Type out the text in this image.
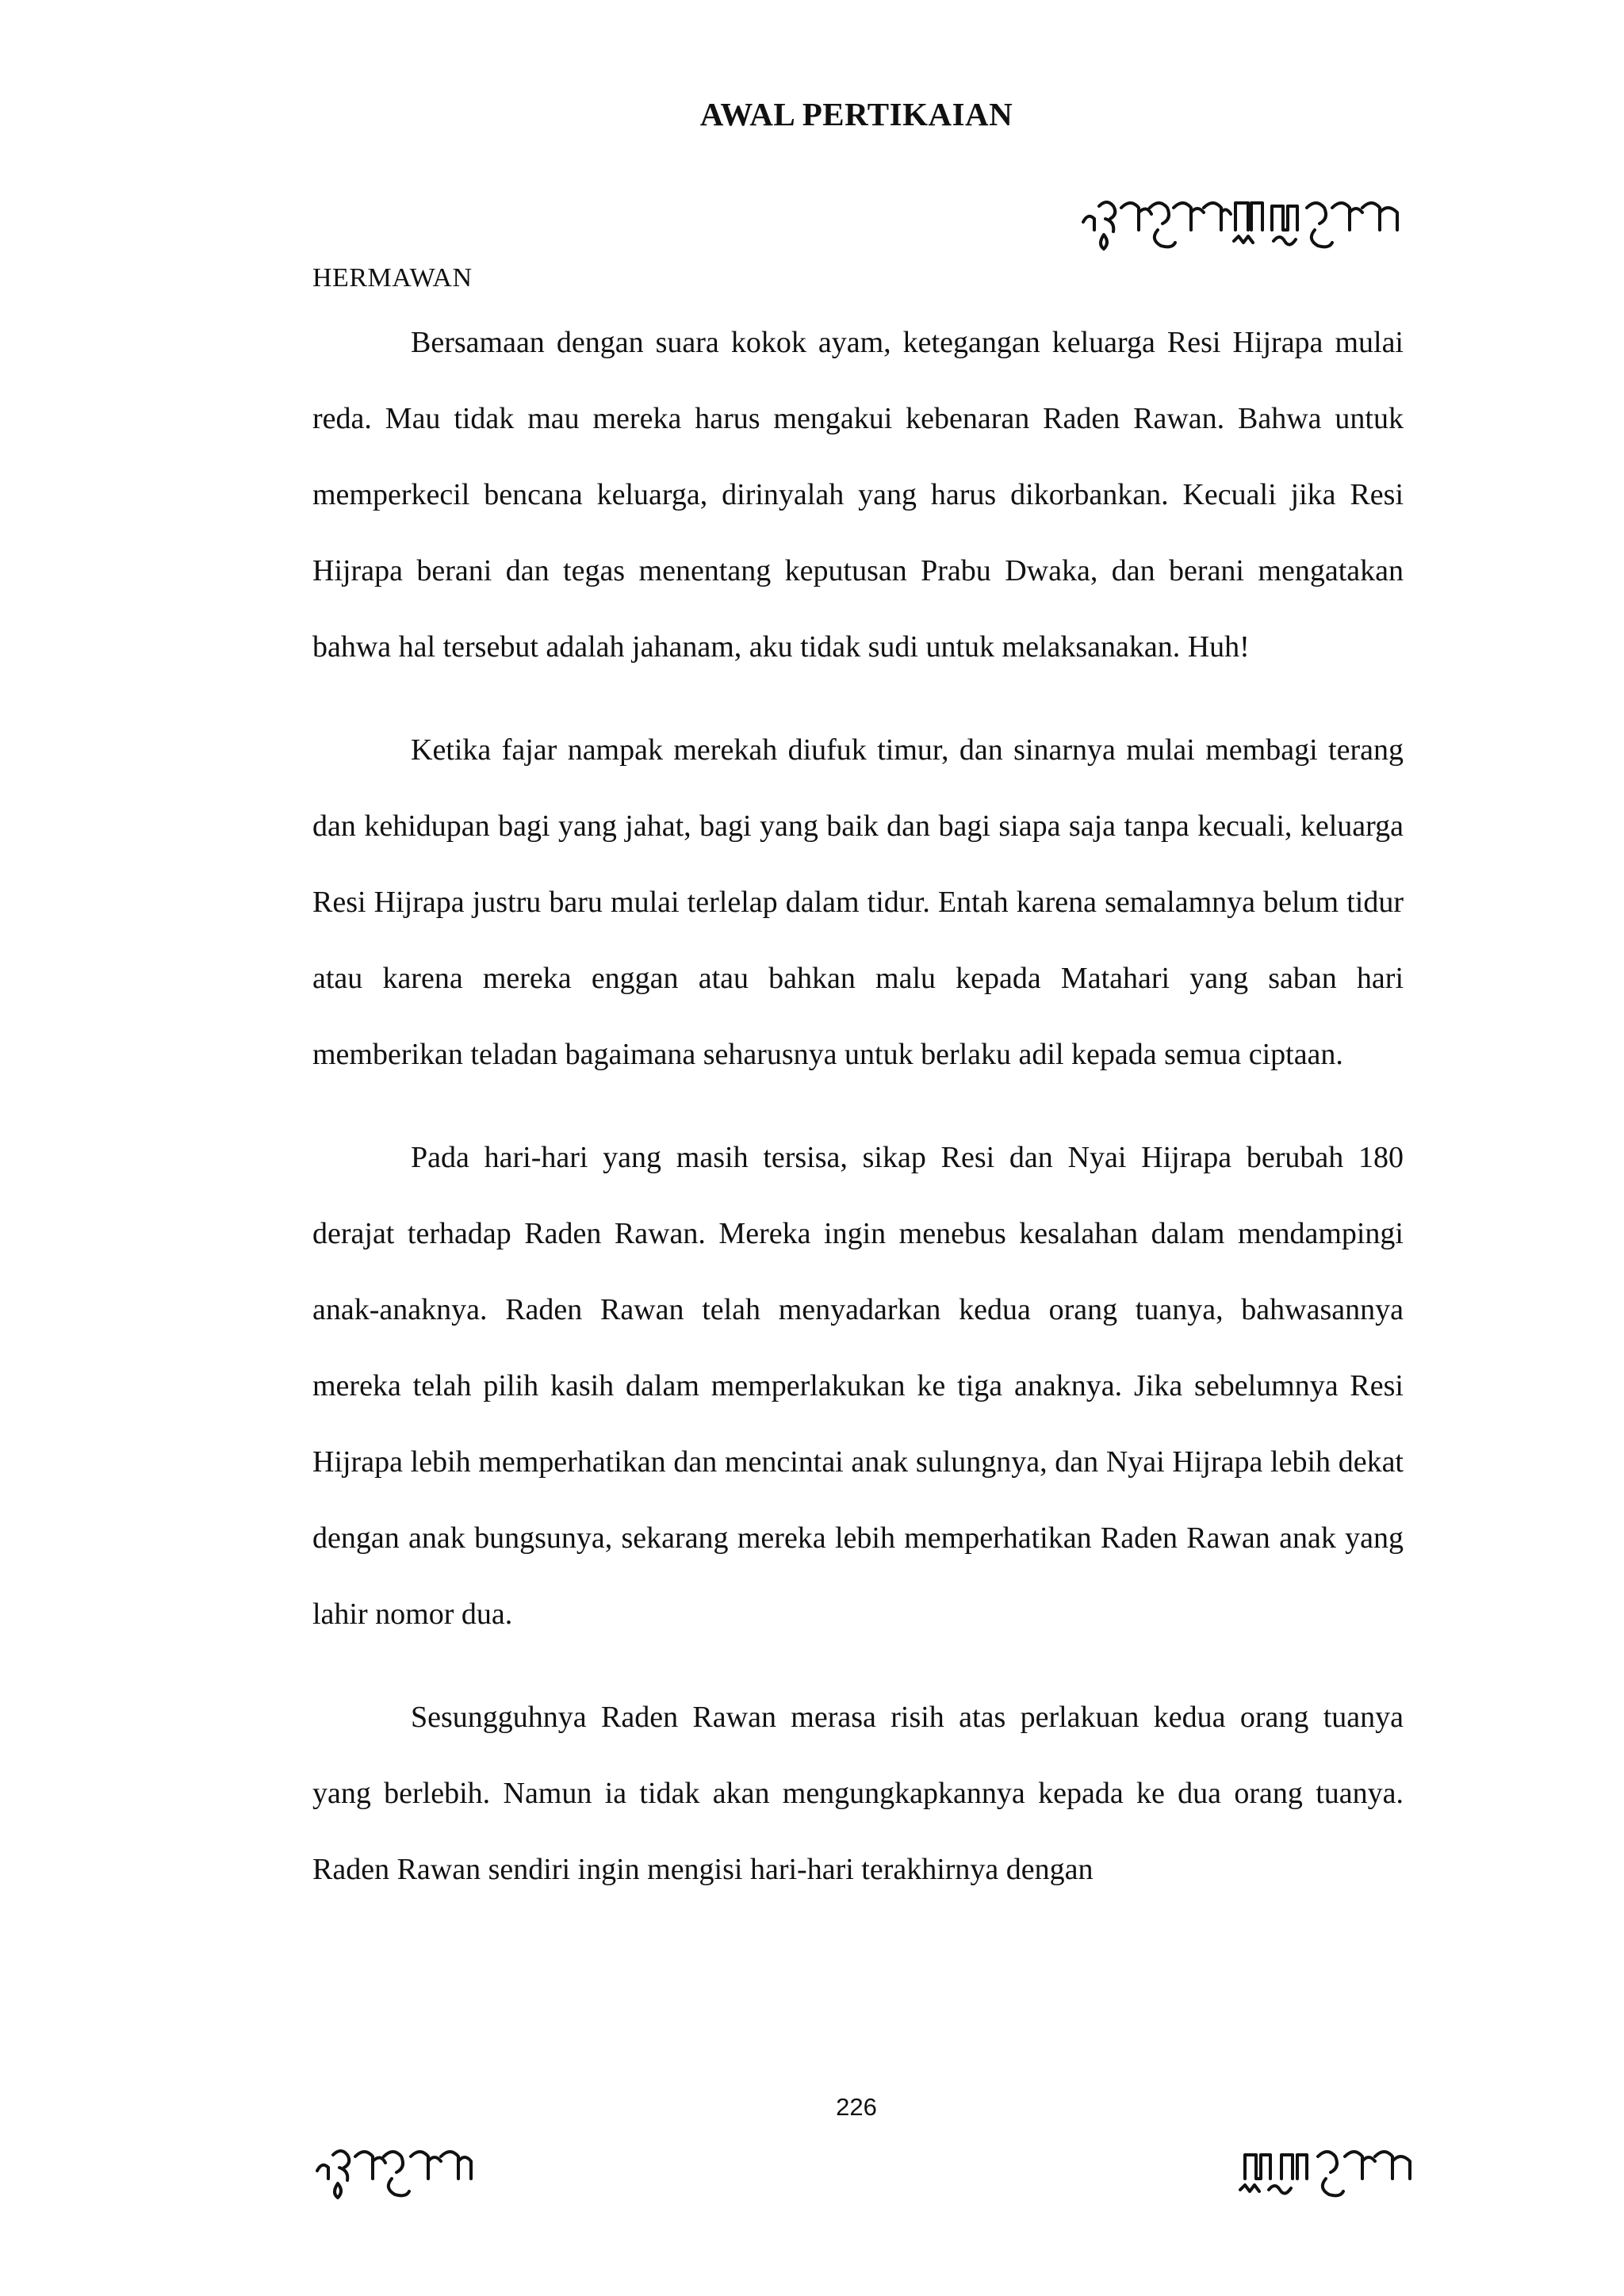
AWAL PERTIKAIAN
HERMAWAN

Bersamaan dengan suara kokok ayam, ketegangan keluarga Resi Hijrapa mulai reda. Mau tidak mau mereka harus mengakui kebenaran Raden Rawan. Bahwa untuk memperkecil bencana keluarga, dirinyalah yang harus dikorbankan. Kecuali jika Resi Hijrapa berani dan tegas menentang keputusan Prabu Dwaka, dan berani mengatakan bahwa hal tersebut adalah jahanam, aku tidak sudi untuk melaksanakan. Huh!

Ketika fajar nampak merekah diufuk timur, dan sinarnya mulai membagi terang dan kehidupan bagi yang jahat, bagi yang baik dan bagi siapa saja tanpa kecuali, keluarga Resi Hijrapa justru baru mulai terlelap dalam tidur. Entah karena semalamnya belum tidur atau karena mereka enggan atau bahkan malu kepada Matahari yang saban hari memberikan teladan bagaimana seharusnya untuk berlaku adil kepada semua ciptaan.

Pada hari-hari yang masih tersisa, sikap Resi dan Nyai Hijrapa berubah 180 derajat terhadap Raden Rawan. Mereka ingin menebus kesalahan dalam mendampingi anak-anaknya. Raden Rawan telah menyadarkan kedua orang tuanya, bahwasannya mereka telah pilih kasih dalam memperlakukan ke tiga anaknya. Jika sebelumnya Resi Hijrapa lebih memperhatikan dan mencintai anak sulungnya, dan Nyai Hijrapa lebih dekat dengan anak bungsunya, sekarang mereka lebih memperhatikan Raden Rawan anak yang lahir nomor dua.

Sesungguhnya Raden Rawan merasa risih atas perlakuan kedua orang tuanya yang berlebih. Namun ia tidak akan mengungkapkannya kepada ke dua orang tuanya. Raden Rawan sendiri ingin mengisi hari-hari terakhirnya dengan

226
